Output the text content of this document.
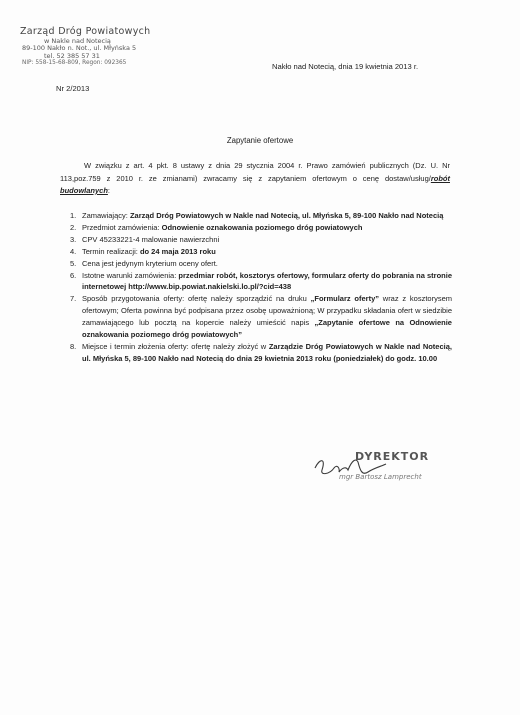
Zarząd Dróg Powiatowych
w Nakle nad Notecią
89-100 Nakło n. Not., ul. Młyńska 5
tel. 52 385 57 31
NIP: 558-15-68-809, Regon: 092365	Nakło nad Notecią, dnia 19 kwietnia 2013 r.
Nr 2/2013
Zapytanie ofertowe
W związku z art. 4 pkt. 8 ustawy z dnia 29 stycznia 2004 r. Prawo zamówień publicznych (Dz. U. Nr 113,poz.759 z 2010 r. ze zmianami) zwracamy się z zapytaniem ofertowym o cenę dostaw/usług/robót budowlanych:
1. Zamawiający: Zarząd Dróg Powiatowych w Nakle nad Notecią, ul. Młyńska 5, 89-100 Nakło nad Notecią
2. Przedmiot zamówienia: Odnowienie oznakowania poziomego dróg powiatowych
3. CPV 45233221-4 malowanie nawierzchni
4. Termin realizacji: do 24 maja 2013 roku
5. Cena jest jedynym kryterium oceny ofert.
6. Istotne warunki zamówienia: przedmiar robót, kosztorys ofertowy, formularz oferty do pobrania na stronie internetowej http://www.bip.powiat.nakielski.lo.pl/?cid=438
7. Sposób przygotowania oferty: ofertę należy sporządzić na druku „Formularz oferty” wraz z kosztorysem ofertowym; Oferta powinna być podpisana przez osobę upoważnioną; W przypadku składania ofert w siedzibie zamawiającego lub pocztą na kopercie należy umieścić napis „Zapytanie ofertowe na Odnowienie oznakowania poziomego dróg powiatowych”
8. Miejsce i termin złożenia oferty: ofertę należy złożyć w Zarządzie Dróg Powiatowych w Nakle nad Notecią, ul. Młyńska 5, 89-100 Nakło nad Notecią do dnia 29 kwietnia 2013 roku (poniedziałek) do godz. 10.00
DYREKTOR
mgr Bartosz Lamprecht
